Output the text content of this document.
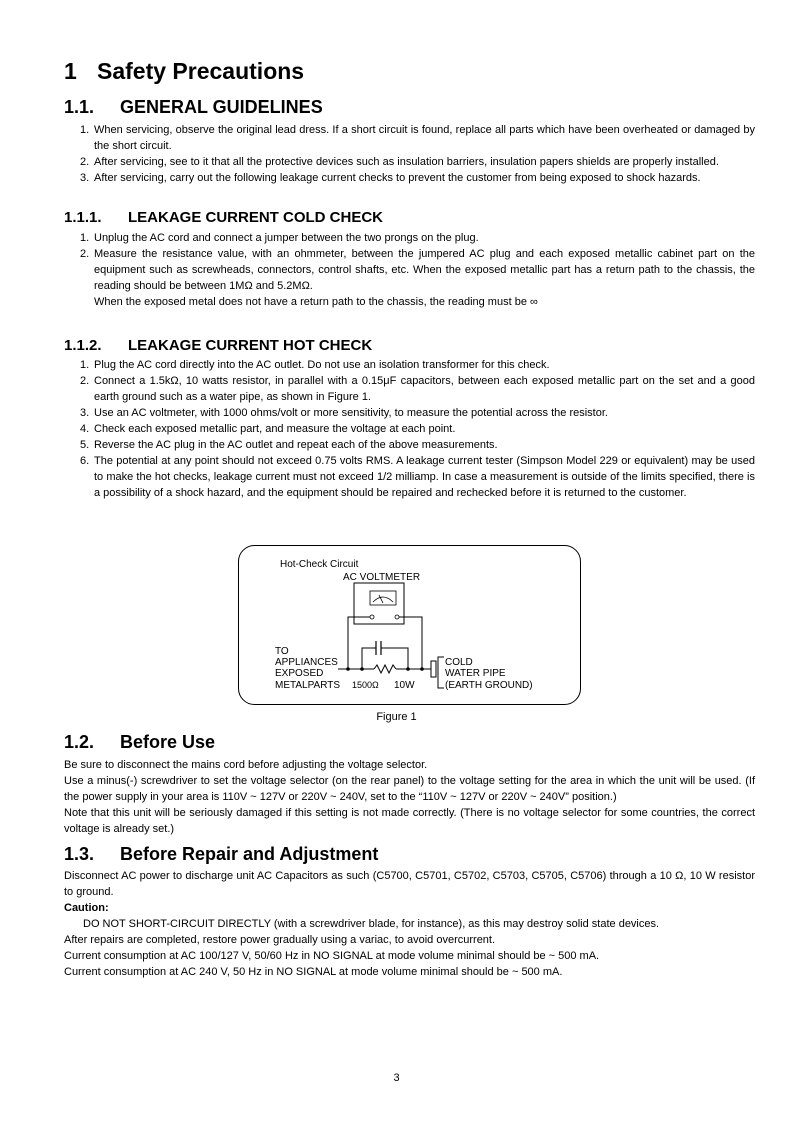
1 Safety Precautions
1.1. GENERAL GUIDELINES
1. When servicing, observe the original lead dress. If a short circuit is found, replace all parts which have been overheated or damaged by the short circuit.
2. After servicing, see to it that all the protective devices such as insulation barriers, insulation papers shields are properly installed.
3. After servicing, carry out the following leakage current checks to prevent the customer from being exposed to shock hazards.
1.1.1. LEAKAGE CURRENT COLD CHECK
1. Unplug the AC cord and connect a jumper between the two prongs on the plug.
2. Measure the resistance value, with an ohmmeter, between the jumpered AC plug and each exposed metallic cabinet part on the equipment such as screwheads, connectors, control shafts, etc. When the exposed metallic part has a return path to the chassis, the reading should be between 1MΩ and 5.2MΩ.
When the exposed metal does not have a return path to the chassis, the reading must be ∞
1.1.2. LEAKAGE CURRENT HOT CHECK
1. Plug the AC cord directly into the AC outlet. Do not use an isolation transformer for this check.
2. Connect a 1.5kΩ, 10 watts resistor, in parallel with a 0.15μF capacitors, between each exposed metallic part on the set and a good earth ground such as a water pipe, as shown in Figure 1.
3. Use an AC voltmeter, with 1000 ohms/volt or more sensitivity, to measure the potential across the resistor.
4. Check each exposed metallic part, and measure the voltage at each point.
5. Reverse the AC plug in the AC outlet and repeat each of the above measurements.
6. The potential at any point should not exceed 0.75 volts RMS. A leakage current tester (Simpson Model 229 or equivalent) may be used to make the hot checks, leakage current must not exceed 1/2 milliamp. In case a measurement is outside of the limits specified, there is a possibility of a shock hazard, and the equipment should be repaired and rechecked before it is returned to the customer.
Hot-Check Circuit
AC VOLTMETER
TO
APPLIANCES
EXPOSED
METALPARTS 1500Ω 10W
COLD
WATER PIPE
(EARTH GROUND)
Figure 1
1.2. Before Use

Be sure to disconnect the mains cord before adjusting the voltage selector.

Use a minus(-) screwdriver to set the voltage selector (on the rear panel) to the voltage setting for the area in which the unit will be used. (If the power supply in your area is 110V ~ 127V or 220V ~ 240V, set to the “110V ~ 127V or 220V ~ 240V” position.)

Note that this unit will be seriously damaged if this setting is not made correctly. (There is no voltage selector for some countries, the correct voltage is already set.)

1.3. Before Repair and Adjustment

Disconnect AC power to discharge unit AC Capacitors as such (C5700, C5701, C5702, C5703, C5705, C5706) through a 10 Ω, 10 W resistor to ground.

Caution:

DO NOT SHORT-CIRCUIT DIRECTLY (with a screwdriver blade, for instance), as this may destroy solid state devices.

After repairs are completed, restore power gradually using a variac, to avoid overcurrent.

Current consumption at AC 100/127 V, 50/60 Hz in NO SIGNAL at mode volume minimal should be ~ 500 mA.

Current consumption at AC 240 V, 50 Hz in NO SIGNAL at mode volume minimal should be ~ 500 mA.

3
